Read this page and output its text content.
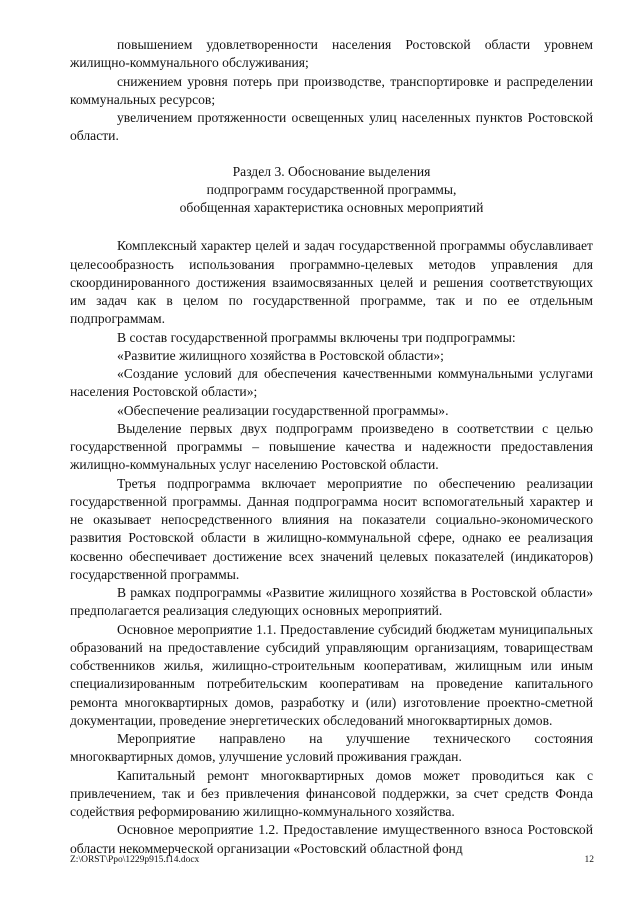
повышением удовлетворенности населения Ростовской области уровнем жилищно-коммунального обслуживания;

снижением уровня потерь при производстве, транспортировке и распределении коммунальных ресурсов;

увеличением протяженности освещенных улиц населенных пунктов Ростовской области.

Раздел 3. Обоснование выделения
подпрограмм государственной программы,
обобщенная характеристика основных мероприятий

Комплексный характер целей и задач государственной программы обуславливает целесообразность использования программно-целевых методов управления для скоординированного достижения взаимосвязанных целей и решения соответствующих им задач как в целом по государственной программе, так и по ее отдельным подпрограммам.

В состав государственной программы включены три подпрограммы:

«Развитие жилищного хозяйства в Ростовской области»;

«Создание условий для обеспечения качественными коммунальными услугами населения Ростовской области»;

«Обеспечение реализации государственной программы».

Выделение первых двух подпрограмм произведено в соответствии с целью государственной программы – повышение качества и надежности предоставления жилищно-коммунальных услуг населению Ростовской области.

Третья подпрограмма включает мероприятие по обеспечению реализации государственной программы. Данная подпрограмма носит вспомогательный характер и не оказывает непосредственного влияния на показатели социально-экономического развития Ростовской области в жилищно-коммунальной сфере, однако ее реализация косвенно обеспечивает достижение всех значений целевых показателей (индикаторов) государственной программы.

В рамках подпрограммы «Развитие жилищного хозяйства в Ростовской области» предполагается реализация следующих основных мероприятий.

Основное мероприятие 1.1. Предоставление субсидий бюджетам муниципальных образований на предоставление субсидий управляющим организациям, товариществам собственников жилья, жилищно-строительным кооперативам, жилищным или иным специализированным потребительским кооперативам на проведение капитального ремонта многоквартирных домов, разработку и (или) изготовление проектно-сметной документации, проведение энергетических обследований многоквартирных домов.

Мероприятие направлено на улучшение технического состояния многоквартирных домов, улучшение условий проживания граждан.

Капитальный ремонт многоквартирных домов может проводиться как с привлечением, так и без привлечения финансовой поддержки, за счет средств Фонда содействия реформированию жилищно-коммунального хозяйства.

Основное мероприятие 1.2. Предоставление имущественного взноса Ростовской области некоммерческой организации «Ростовский областной фонд

Z:\ORST\Ppo\1229p915.f14.docx	12
